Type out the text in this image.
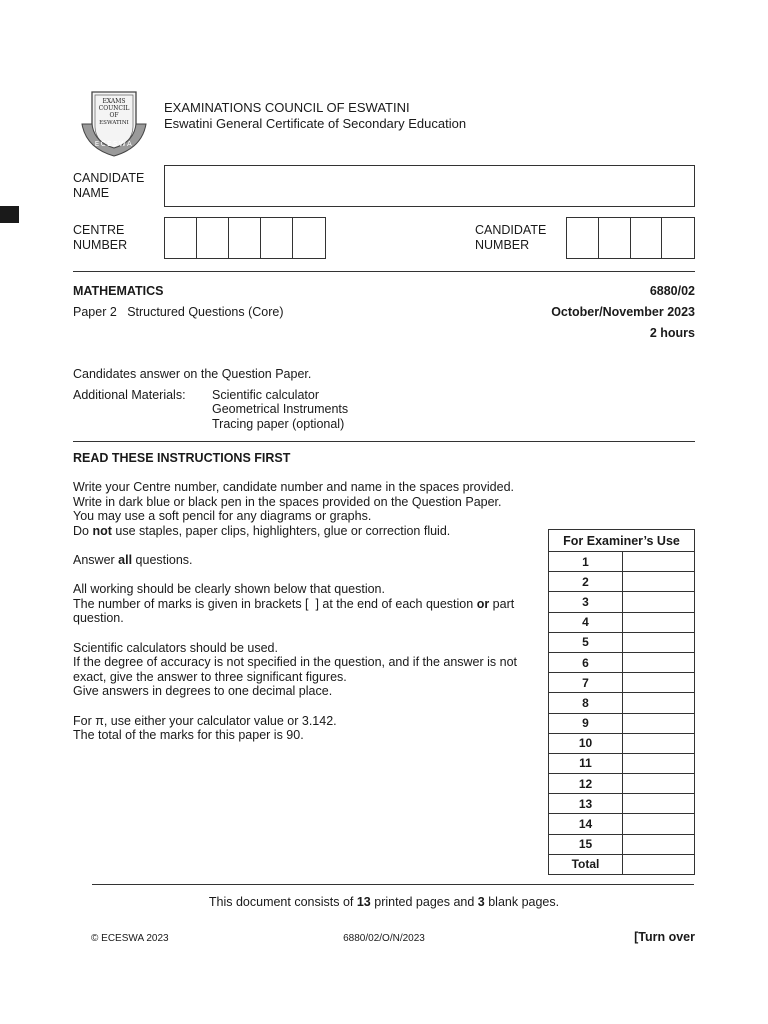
EXAMS
COUNCIL
OF
ESWATINI
ECESWA
EXAMINATIONS COUNCIL OF ESWATINI
Eswatini General Certificate of Secondary Education
CANDIDATE
NAME
CENTRE
NUMBER
CANDIDATE
NUMBER
MATHEMATICS	6880/02
Paper 2   Structured Questions (Core)	October/November 2023
2 hours
Candidates answer on the Question Paper.
Additional Materials: Scientific calculator
Geometrical Instruments
Tracing paper (optional)
READ THESE INSTRUCTIONS FIRST

Write your Centre number, candidate number and name in the spaces provided.

Write in dark blue or black pen in the spaces provided on the Question Paper.

You may use a soft pencil for any diagrams or graphs.

Do not use staples, paper clips, highlighters, glue or correction fluid.

Answer all questions.

All working should be clearly shown below that question.

The number of marks is given in brackets [  ] at the end of each question or part

question.

Scientific calculators should be used.

If the degree of accuracy is not specified in the question, and if the answer is not

exact, give the answer to three significant figures.

Give answers in degrees to one decimal place.

For π, use either your calculator value or 3.142.

The total of the marks for this paper is 90.

For Examiner’s Use	
1	
2	
3	
4	
5	
6	
7	
8	
9	
10	
11	
12	
13	
14	
15	
Total	
This document consists of 13 printed pages and 3 blank pages.
© ECESWA 2023	6880/02/O/N/2023	[Turn over
